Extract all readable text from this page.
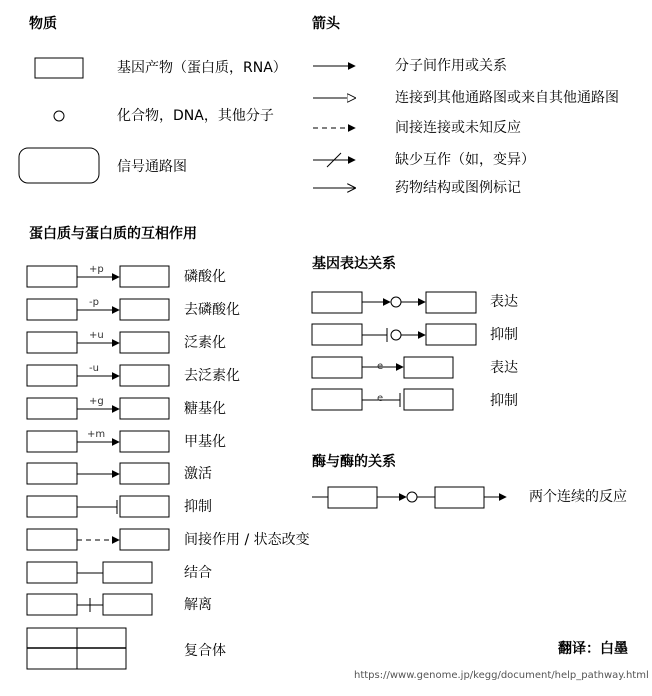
物质	箭头
蛋白质与蛋白质的互相作用
基因表达关系
酶与酶的关系
基因产物（蛋白质，RNA）
化合物，DNA，其他分子
信号通路图
分子间作用或关系
连接到其他通路图或来自其他通路图
间接连接或未知反应
缺少互作（如，变异）
药物结构或图例标记
+p
-p
+u
-u
+g
+m
磷酸化
去磷酸化
泛素化
去泛素化
糖基化
甲基化
激活
抑制
间接作用 / 状态改变
结合
解离
复合体
e
e
表达
抑制
表达
抑制
两个连续的反应
翻译：白墨
https://www.genome.jp/kegg/document/help_pathway.html
